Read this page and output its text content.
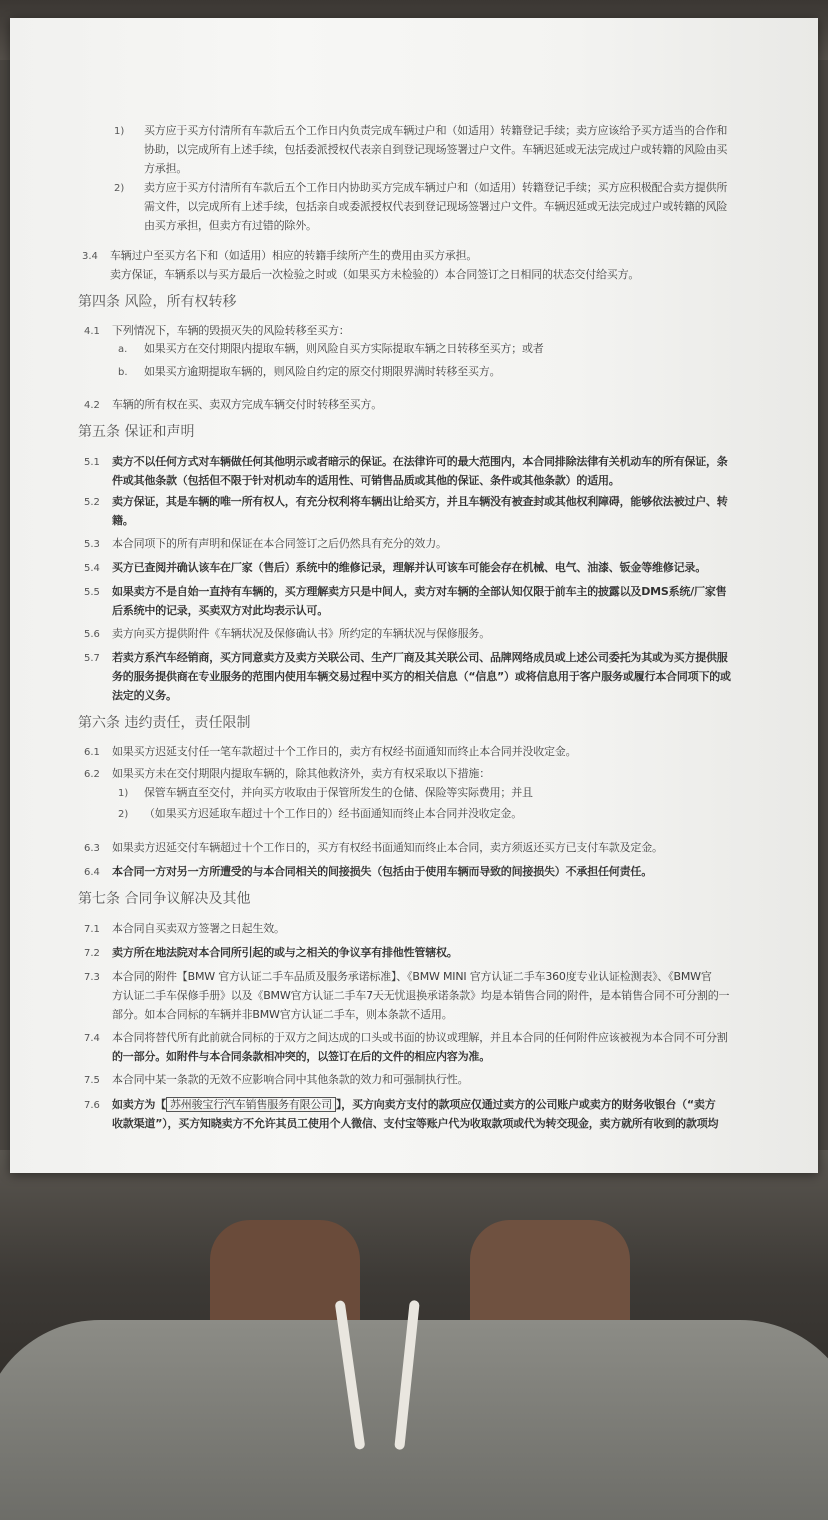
1) 买方应于买方付清所有车款后五个工作日内负责完成车辆过户和（如适用）转籍登记手续；卖方应该给予买方适当的合作和
协助，以完成所有上述手续，包括委派授权代表亲自到登记现场签署过户文件。车辆迟延或无法完成过户或转籍的风险由买
方承担。
2) 卖方应于买方付清所有车款后五个工作日内协助买方完成车辆过户和（如适用）转籍登记手续；买方应积极配合卖方提供所
需文件，以完成所有上述手续，包括亲自或委派授权代表到登记现场签署过户文件。车辆迟延或无法完成过户或转籍的风险
由买方承担，但卖方有过错的除外。
3.4 车辆过户至买方名下和（如适用）相应的转籍手续所产生的费用由买方承担。
卖方保证，车辆系以与买方最后一次检验之时或（如果买方未检验的）本合同签订之日相同的状态交付给买方。
第四条 风险，所有权转移
4.1 下列情况下，车辆的毁损灭失的风险转移至买方：
a. 如果买方在交付期限内提取车辆，则风险自买方实际提取车辆之日转移至买方；或者
b. 如果买方逾期提取车辆的，则风险自约定的原交付期限界满时转移至买方。
4.2 车辆的所有权在买、卖双方完成车辆交付时转移至买方。
第五条 保证和声明
5.1 卖方不以任何方式对车辆做任何其他明示或者暗示的保证。在法律许可的最大范围内，本合同排除法律有关机动车的所有保证，条
件或其他条款（包括但不限于针对机动车的适用性、可销售品质或其他的保证、条件或其他条款）的适用。
5.2 卖方保证，其是车辆的唯一所有权人，有充分权利将车辆出让给买方，并且车辆没有被查封或其他权利障碍，能够依法被过户、转
籍。
5.3 本合同项下的所有声明和保证在本合同签订之后仍然具有充分的效力。
5.4 买方已查阅并确认该车在厂家（售后）系统中的维修记录，理解并认可该车可能会存在机械、电气、油漆、钣金等维修记录。
5.5 如果卖方不是自始一直持有车辆的，买方理解卖方只是中间人，卖方对车辆的全部认知仅限于前车主的披露以及DMS系统/厂家售
后系统中的记录，买卖双方对此均表示认可。
5.6 卖方向买方提供附件《车辆状况及保修确认书》所约定的车辆状况与保修服务。
5.7 若卖方系汽车经销商，买方同意卖方及卖方关联公司、生产厂商及其关联公司、品牌网络成员或上述公司委托为其或为买方提供服
务的服务提供商在专业服务的范围内使用车辆交易过程中买方的相关信息（“信息”）或将信息用于客户服务或履行本合同项下的或
法定的义务。
第六条 违约责任，责任限制
6.1 如果买方迟延支付任一笔车款超过十个工作日的，卖方有权经书面通知而终止本合同并没收定金。
6.2 如果买方未在交付期限内提取车辆的，除其他救济外，卖方有权采取以下措施：
1) 保管车辆直至交付，并向买方收取由于保管所发生的仓储、保险等实际费用；并且
2) （如果买方迟延取车超过十个工作日的）经书面通知而终止本合同并没收定金。
6.3 如果卖方迟延交付车辆超过十个工作日的，买方有权经书面通知而终止本合同，卖方须返还买方已支付车款及定金。
6.4 本合同一方对另一方所遭受的与本合同相关的间接损失（包括由于使用车辆而导致的间接损失）不承担任何责任。
第七条 合同争议解决及其他
7.1 本合同自买卖双方签署之日起生效。
7.2 卖方所在地法院对本合同所引起的或与之相关的争议享有排他性管辖权。
7.3 本合同的附件【BMW 官方认证二手车品质及服务承诺标准】、《BMW MINI 官方认证二手车360度专业认证检测表》、《BMW官
方认证二手车保修手册》以及《BMW官方认证二手车7天无忧退换承诺条款》均是本销售合同的附件，是本销售合同不可分割的一
部分。如本合同标的车辆并非BMW官方认证二手车，则本条款不适用。
7.4 本合同将替代所有此前就合同标的于双方之间达成的口头或书面的协议或理解，并且本合同的任何附件应该被视为本合同不可分割
的一部分。如附件与本合同条款相冲突的，以签订在后的文件的相应内容为准。
7.5 本合同中某一条款的无效不应影响合同中其他条款的效力和可强制执行性。
7.6 如卖方为【 苏州骏宝行汽车销售服务有限公司 】，买方向卖方支付的款项应仅通过卖方的公司账户或卖方的财务收银台（“卖方
收款渠道”），买方知晓卖方不允许其员工使用个人微信、支付宝等账户代为收取款项或代为转交现金，卖方就所有收到的款项均
